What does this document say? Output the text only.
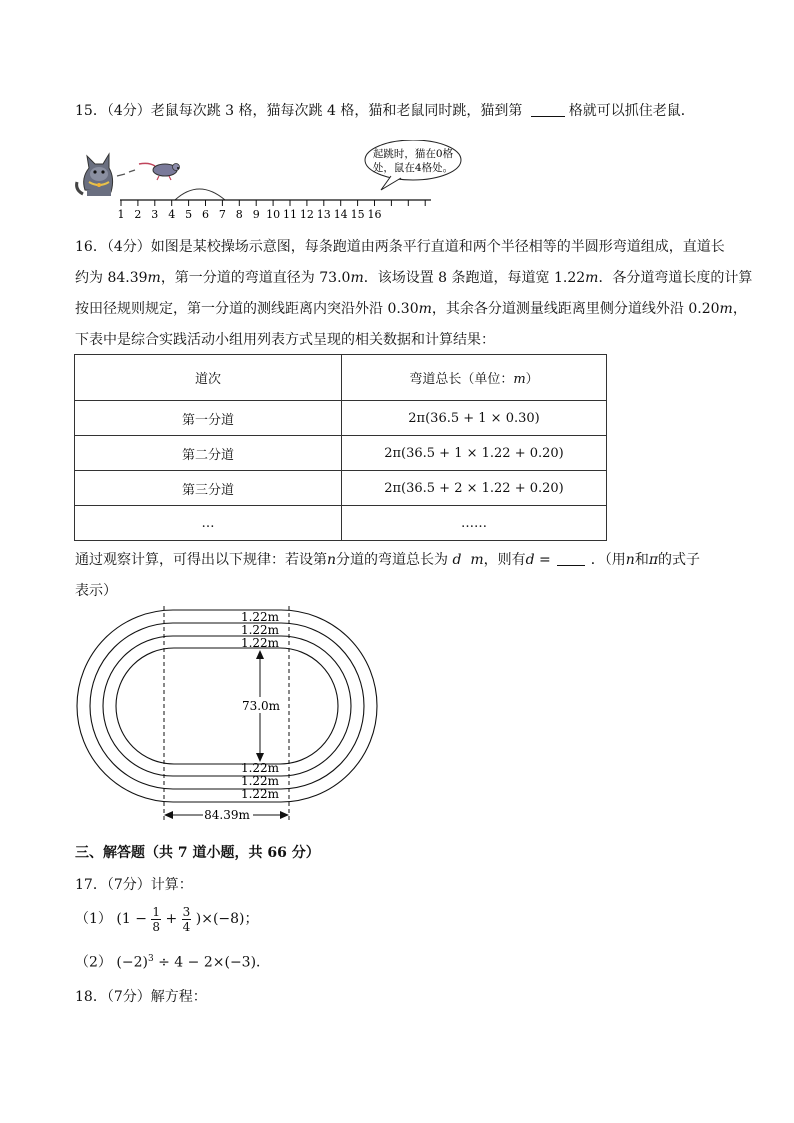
15．（4分）老鼠每次跳 3 格，猫每次跳 4 格，猫和老鼠同时跳，猫到第	格就可以抓住老鼠．
1 2 3 4 5 6 7 8 9 10 11 12 13 14 15 16
起跳时，猫在0格
处，鼠在4格处。
16．（4分）如图是某校操场示意图，每条跑道由两条平行直道和两个半径相等的半圆形弯道组成，直道长
约为 84.39m，第一分道的弯道直径为 73.0m．该场设置 8 条跑道，每道宽 1.22m．各分道弯道长度的计算
按田径规则规定，第一分道的测线距离内突沿外沿 0.30m，其余各分道测量线距离里侧分道线外沿 0.20m，
下表中是综合实践活动小组用列表方式呈现的相关数据和计算结果：
道次	弯道总长（单位：m）
第一分道	2π(36.5 + 1 × 0.30)
第二分道	2π(36.5 + 1 × 1.22 + 0.20)
第三分道	2π(36.5 + 2 × 1.22 + 0.20)
…	……
通过观察计算，可得出以下规律：若设第n分道的弯道总长为 d m，则有d =	．（用n和π的式子
表示）
1.22m
1.22m
1.22m
73.0m
1.22m
1.22m
1.22m
84.39m
三、解答题（共 7 道小题，共 66 分）
17．（7分）计算：
（1） $(1 - \frac{1}{8} + \frac{3}{4} )\times(-8)$；
（2） $(-2)^3 \div 4 - 2\times(-3)$．
18．（7分）解方程：
